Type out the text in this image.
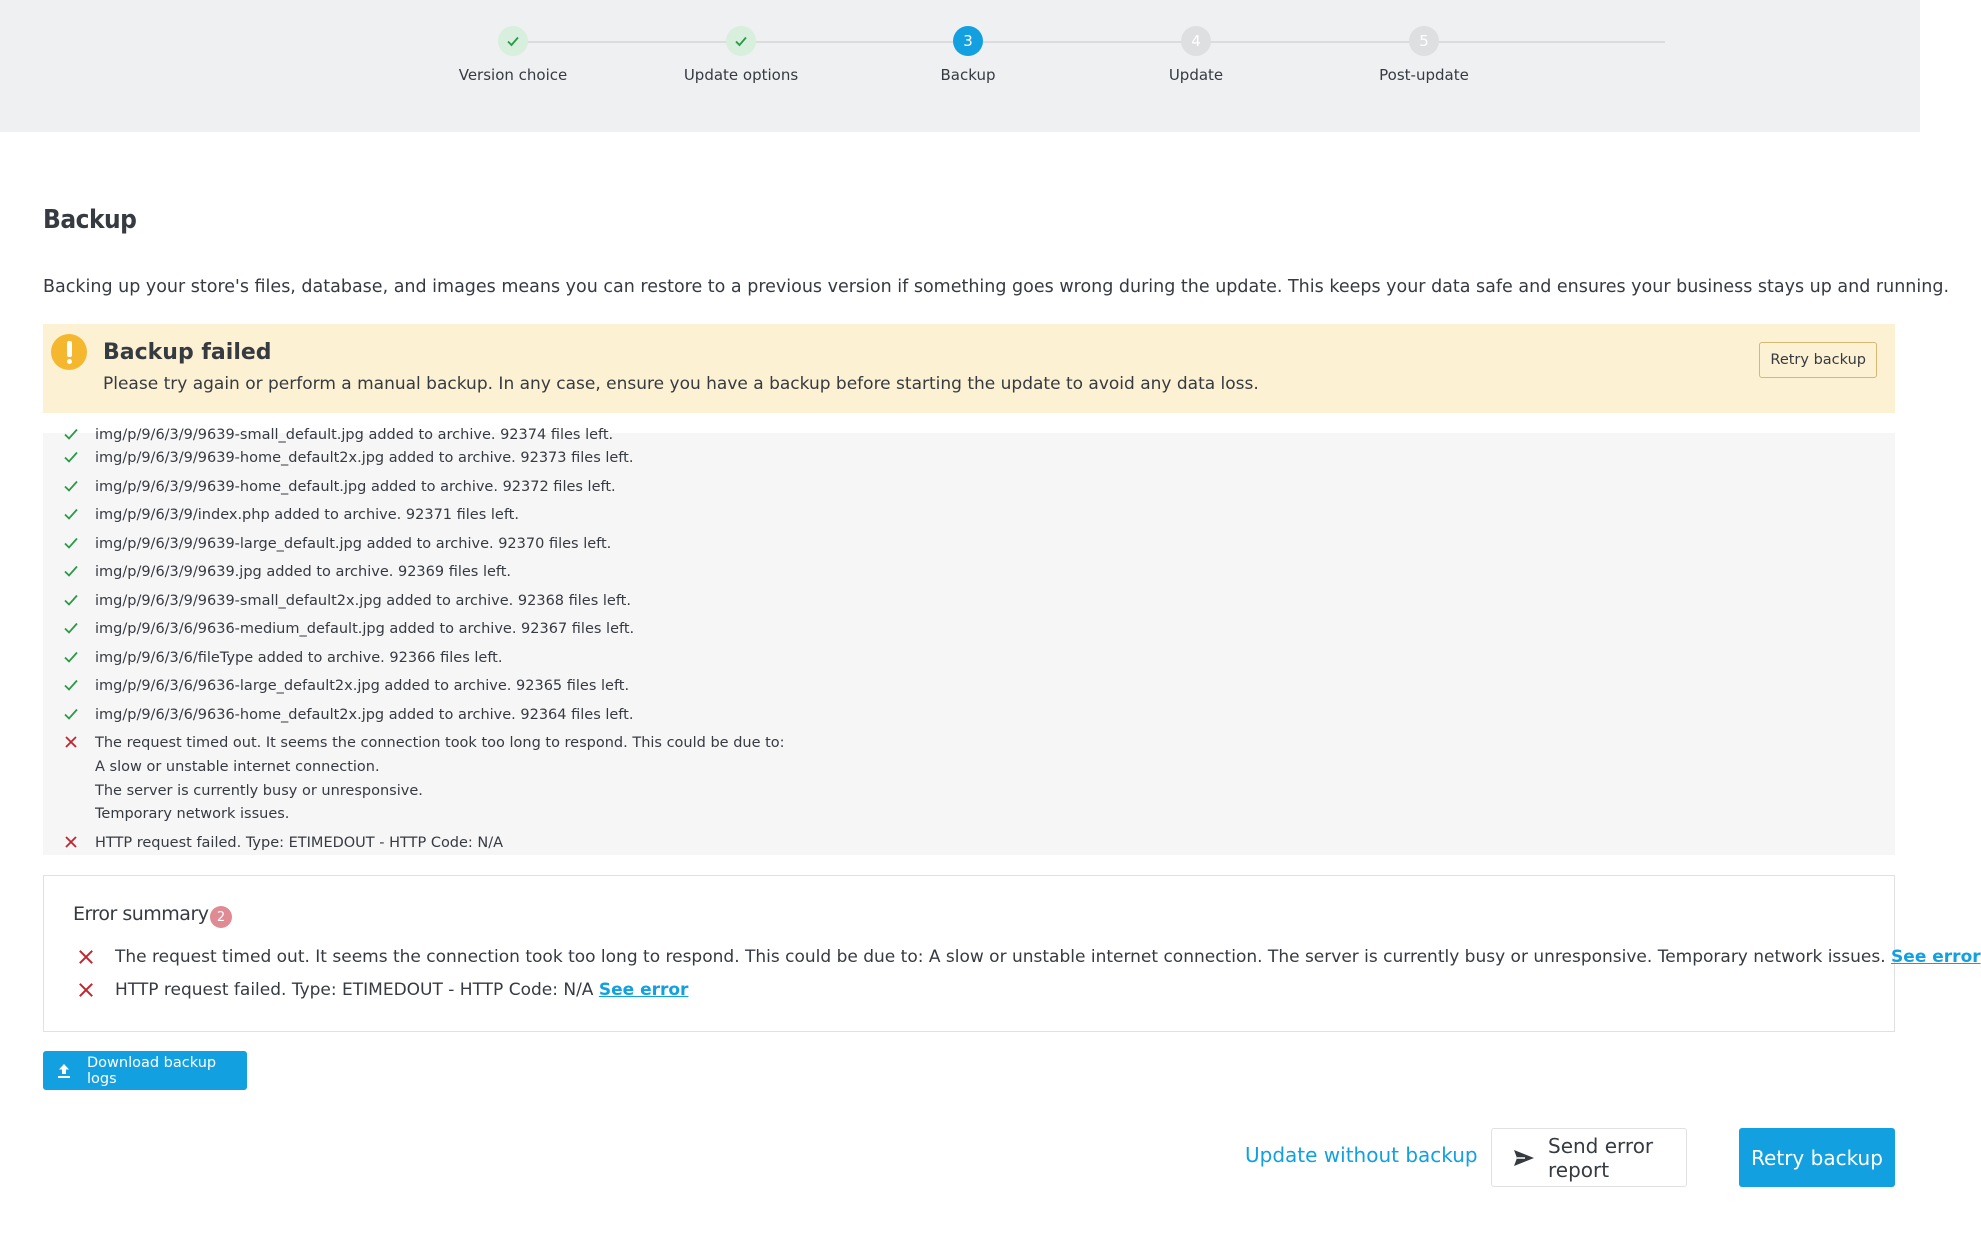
Version choice	Update options
3
Backup
4
Update
5
Post-update
Backup

Backing up your store's files, database, and images means you can restore to a previous version if something goes wrong during the update. This keeps your data safe and ensures your business stays up and running.

Backup failed
Please try again or perform a manual backup. In any case, ensure you have a backup before starting the update to avoid any data loss.
Retry backup
img/p/9/6/3/9/9639-small_default.jpg added to archive. 92374 files left.
img/p/9/6/3/9/9639-home_default2x.jpg added to archive. 92373 files left.
img/p/9/6/3/9/9639-home_default.jpg added to archive. 92372 files left.
img/p/9/6/3/9/index.php added to archive. 92371 files left.
img/p/9/6/3/9/9639-large_default.jpg added to archive. 92370 files left.
img/p/9/6/3/9/9639.jpg added to archive. 92369 files left.
img/p/9/6/3/9/9639-small_default2x.jpg added to archive. 92368 files left.
img/p/9/6/3/6/9636-medium_default.jpg added to archive. 92367 files left.
img/p/9/6/3/6/fileType added to archive. 92366 files left.
img/p/9/6/3/6/9636-large_default2x.jpg added to archive. 92365 files left.
img/p/9/6/3/6/9636-home_default2x.jpg added to archive. 92364 files left.
The request timed out. It seems the connection took too long to respond. This could be due to:
A slow or unstable internet connection.
The server is currently busy or unresponsive.
Temporary network issues.
HTTP request failed. Type: ETIMEDOUT - HTTP Code: N/A
Error summary 2
The request timed out. It seems the connection took too long to respond. This could be due to: A slow or unstable internet connection. The server is currently busy or unresponsive. Temporary network issues. See error
HTTP request failed. Type: ETIMEDOUT - HTTP Code: N/A See error
Download backup logs
Update without backup	Send error report	Retry backup
